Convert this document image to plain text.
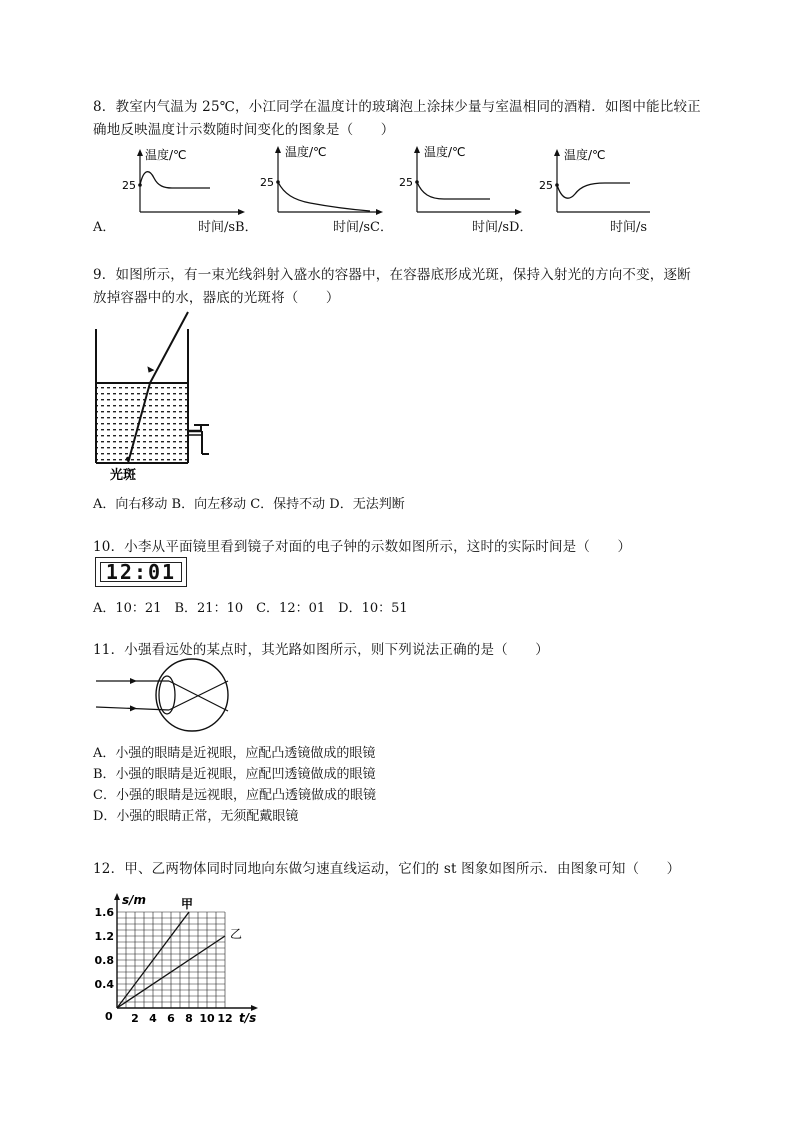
8．教室内气温为 25℃，小江同学在温度计的玻璃泡上涂抹少量与室温相同的酒精．如图中能比较正
确地反映温度计示数随时间变化的图象是（　　）
温度/℃
25
温度/℃
25
温度/℃
25
温度/℃
25
A．	时间/sB．	时间/sC．	时间/sD．	时间/s
9．如图所示，有一束光线斜射入盛水的容器中，在容器底形成光斑，保持入射光的方向不变，逐断
放掉容器中的水，器底的光斑将（　　）
光斑
A．向右移动 B．向左移动 C．保持不动 D．无法判断
10．小李从平面镜里看到镜子对面的电子钟的示数如图所示，这时的实际时间是（　　）
12:01
A．10：21　B．21：10　C．12：01　D．10：51
11．小强看远处的某点时，其光路如图所示，则下列说法正确的是（　　）
A．小强的眼睛是近视眼，应配凸透镜做成的眼镜
B．小强的眼睛是近视眼，应配凹透镜做成的眼镜
C．小强的眼睛是远视眼，应配凸透镜做成的眼镜
D．小强的眼睛正常，无须配戴眼镜
12．甲、乙两物体同时同地向东做匀速直线运动，它们的 st 图象如图所示．由图象可知（　　）
甲
乙
1.6
1.2
0.8
0.4
2 4 6 8 10 12
0
s/m
t/s
